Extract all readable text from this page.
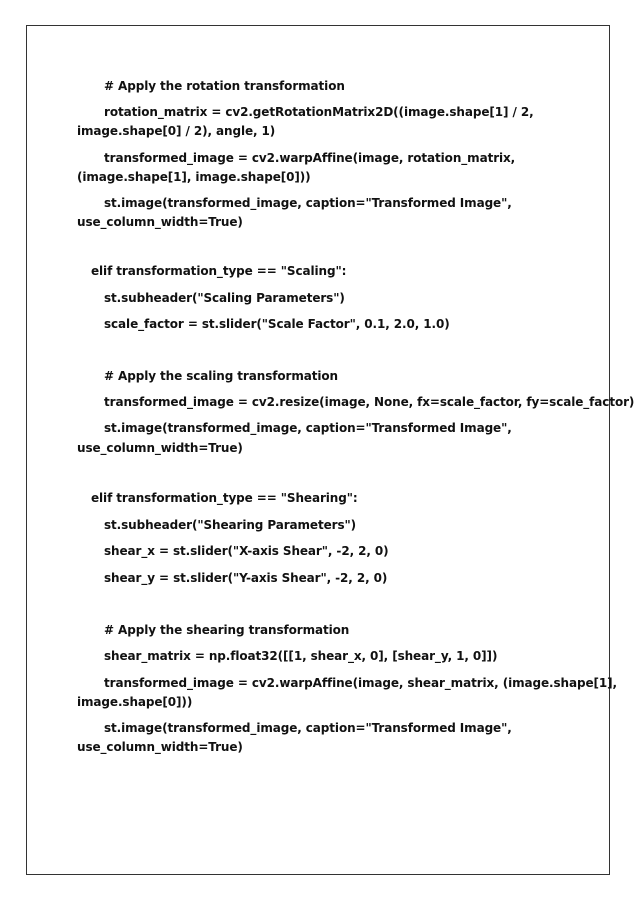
# Apply the rotation transformation

rotation_matrix = cv2.getRotationMatrix2D((image.shape[1] / 2,

image.shape[0] / 2), angle, 1)

transformed_image = cv2.warpAffine(image, rotation_matrix,

(image.shape[1], image.shape[0]))

st.image(transformed_image, caption="Transformed Image",

use_column_width=True)

elif transformation_type == "Scaling":

st.subheader("Scaling Parameters")

scale_factor = st.slider("Scale Factor", 0.1, 2.0, 1.0)

# Apply the scaling transformation

transformed_image = cv2.resize(image, None, fx=scale_factor, fy=scale_factor)

st.image(transformed_image, caption="Transformed Image",

use_column_width=True)

elif transformation_type == "Shearing":

st.subheader("Shearing Parameters")

shear_x = st.slider("X-axis Shear", -2, 2, 0)

shear_y = st.slider("Y-axis Shear", -2, 2, 0)

# Apply the shearing transformation

shear_matrix = np.float32([[1, shear_x, 0], [shear_y, 1, 0]])

transformed_image = cv2.warpAffine(image, shear_matrix, (image.shape[1],

image.shape[0]))

st.image(transformed_image, caption="Transformed Image",

use_column_width=True)
